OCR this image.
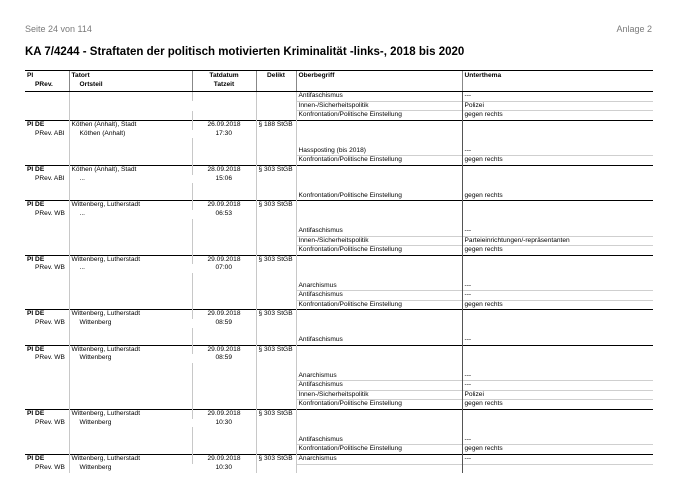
Seite 24 von 114	Anlage 2
KA 7/4244 - Straftaten der politisch motivierten Kriminalität -links-, 2018 bis 2020
PI	Tatort	Tatdatum	Delikt	Oberbegriff	Unterthema
PRev.	Ortsteil	Tatzeit			
				Antifaschismus	---
				Innen-/Sicherheitspolitik	Polizei
				Konfrontation/Politische Einstellung	gegen rechts
PI DE	Köthen (Anhalt), Stadt	26.09.2018	§ 188 StGB		
PRev. ABI	Köthen (Anhalt)	17:30			

				Hassposting (bis 2018)	---
				Konfrontation/Politische Einstellung	gegen rechts
PI DE	Köthen (Anhalt), Stadt	28.09.2018	§ 303 StGB		
PRev. ABI	...	15:06			

				Konfrontation/Politische Einstellung	gegen rechts
PI DE	Wittenberg, Lutherstadt	29.09.2018	§ 303 StGB		
PRev. WB	...	06:53			

				Antifaschismus	---
				Innen-/Sicherheitspolitik	Parteieinrichtungen/-repräsentanten
				Konfrontation/Politische Einstellung	gegen rechts
PI DE	Wittenberg, Lutherstadt	29.09.2018	§ 303 StGB		
PRev. WB	...	07:00			

				Anarchismus	---
				Antifaschismus	---
				Konfrontation/Politische Einstellung	gegen rechts
PI DE	Wittenberg, Lutherstadt	29.09.2018	§ 303 StGB		
PRev. WB	Wittenberg	08:59			

				Antifaschismus	---
PI DE	Wittenberg, Lutherstadt	29.09.2018	§ 303 StGB		
PRev. WB	Wittenberg	08:59			

				Anarchismus	---
				Antifaschismus	---
				Innen-/Sicherheitspolitik	Polizei
				Konfrontation/Politische Einstellung	gegen rechts
PI DE	Wittenberg, Lutherstadt	29.09.2018	§ 303 StGB		
PRev. WB	Wittenberg	10:30			

				Antifaschismus	---
				Konfrontation/Politische Einstellung	gegen rechts
PI DE	Wittenberg, Lutherstadt	29.09.2018	§ 303 StGB	Anarchismus	---
PRev. WB	Wittenberg	10:30			
